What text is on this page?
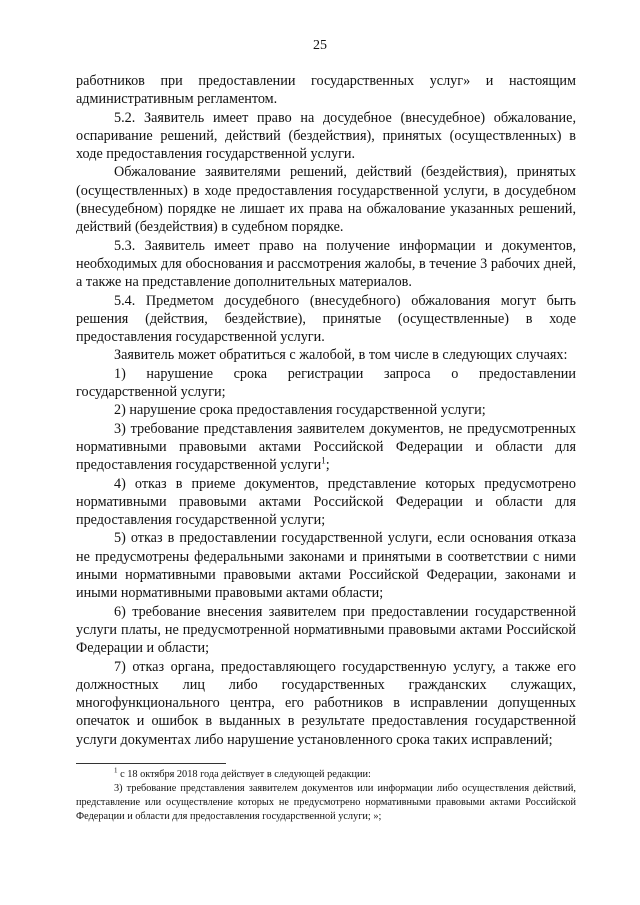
25

работников при предоставлении государственных услуг» и настоящим административным регламентом.

5.2. Заявитель имеет право на досудебное (внесудебное) обжалование, оспаривание решений, действий (бездействия), принятых (осуществленных) в ходе предоставления государственной услуги.

Обжалование заявителями решений, действий (бездействия), принятых (осуществленных) в ходе предоставления государственной услуги, в досудебном (внесудебном) порядке не лишает их права на обжалование указанных решений, действий (бездействия) в судебном порядке.

5.3. Заявитель имеет право на получение информации и документов, необходимых для обоснования и рассмотрения жалобы, в течение 3 рабочих дней, а также на представление дополнительных материалов.

5.4. Предметом досудебного (внесудебного) обжалования могут быть решения (действия, бездействие), принятые (осуществленные) в ходе предоставления государственной услуги.

Заявитель может обратиться с жалобой, в том числе в следующих случаях:

1) нарушение срока регистрации запроса о предоставлении государственной услуги;

2) нарушение срока предоставления государственной услуги;

3) требование представления заявителем документов, не предусмотренных нормативными правовыми актами Российской Федерации и области для предоставления государственной услуги$^1$;

4) отказ в приеме документов, представление которых предусмотрено нормативными правовыми актами Российской Федерации и области для предоставления государственной услуги;

5) отказ в предоставлении государственной услуги, если основания отказа не предусмотрены федеральными законами и принятыми в соответствии с ними иными нормативными правовыми актами Российской Федерации, законами и иными нормативными правовыми актами области;

6) требование внесения заявителем при предоставлении государственной услуги платы, не предусмотренной нормативными правовыми актами Российской Федерации и области;

7) отказ органа, предоставляющего государственную услугу, а также его должностных лиц либо государственных гражданских служащих, многофункционального центра, его работников в исправлении допущенных опечаток и ошибок в выданных в результате предоставления государственной услуги документах либо нарушение установленного срока таких исправлений;

$^1$ с 18 октября 2018 года действует в следующей редакции:

3) требование представления заявителем документов или информации либо осуществления действий, представление или осуществление которых не предусмотрено нормативными правовыми актами Российской Федерации и области для предоставления государственной услуги; »;
